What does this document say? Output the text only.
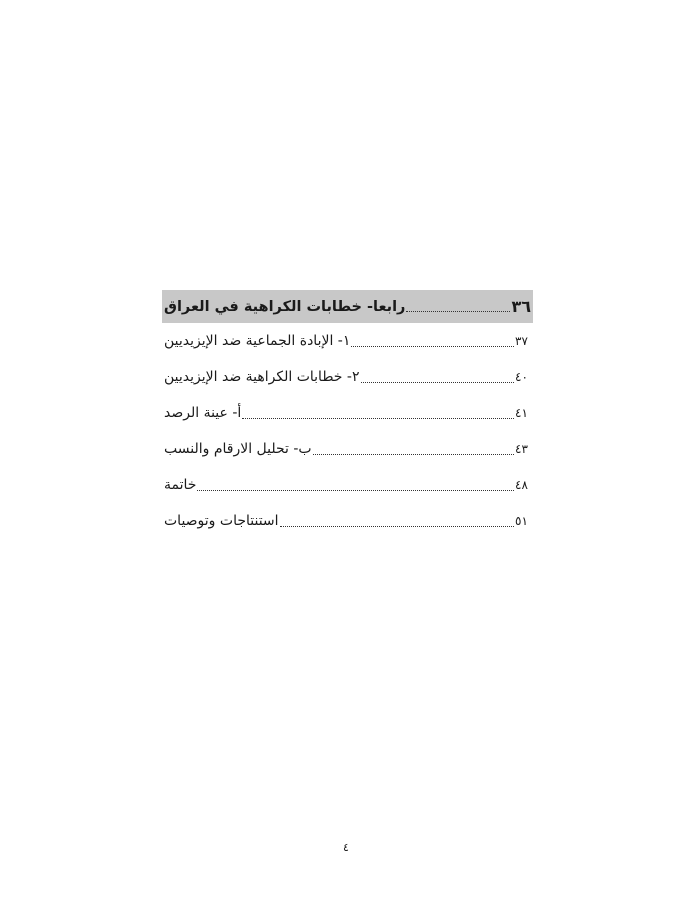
رابعا- خطابات الكراهية في العراق	٣٦
١- الإبادة الجماعية ضد الإيزيديين	٣٧
٢- خطابات الكراهية ضد الإيزيديين	٤٠
أ- عينة الرصد	٤١
ب- تحليل الارقام والنسب	٤٣
خاتمة	٤٨
استنتاجات وتوصيات	٥١
٤
